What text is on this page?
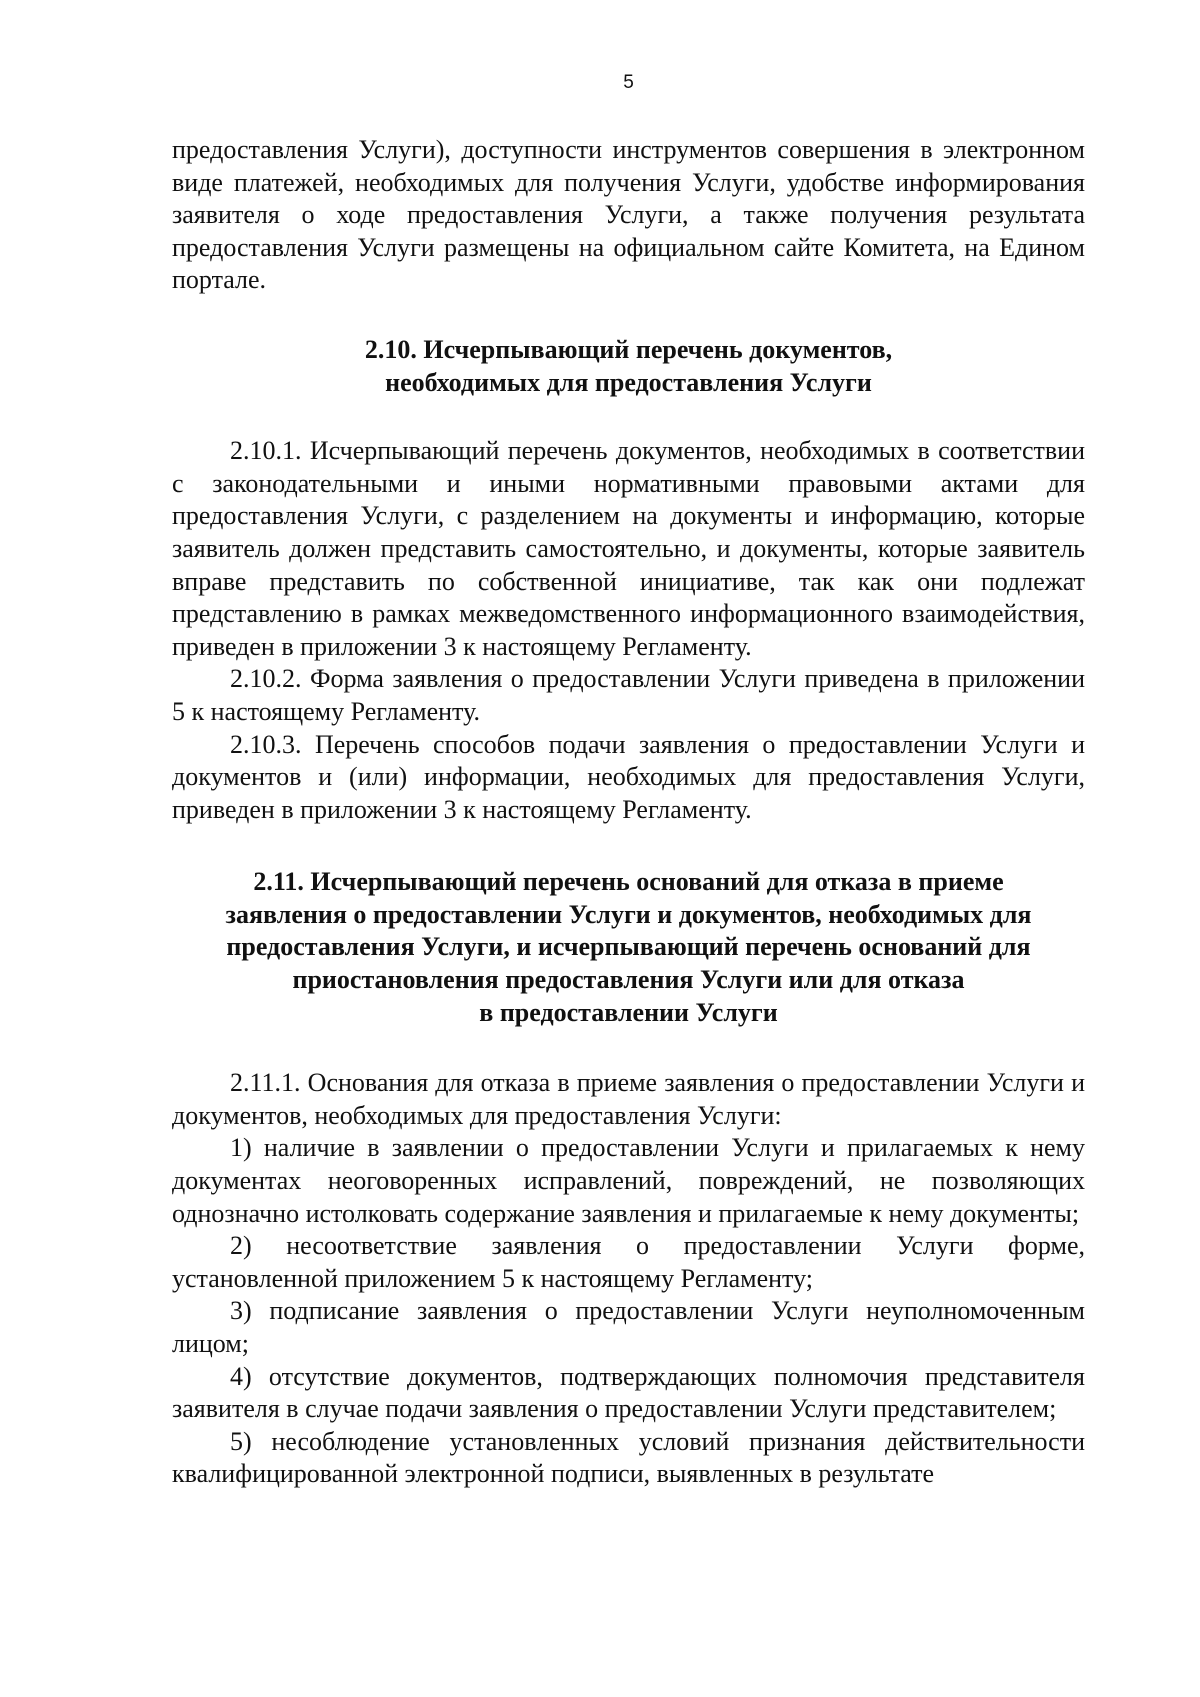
5

предоставления Услуги), доступности инструментов совершения в электронном виде платежей, необходимых для получения Услуги, удобстве информирования заявителя о ходе предоставления Услуги, а также получения результата предоставления Услуги размещены на официальном сайте Комитета, на Едином портале.

2.10. Исчерпывающий перечень документов,
необходимых для предоставления Услуги

2.10.1. Исчерпывающий перечень документов, необходимых в соответствии с законодательными и иными нормативными правовыми актами для предоставления Услуги, с разделением на документы и информацию, которые заявитель должен представить самостоятельно, и документы, которые заявитель вправе представить по собственной инициативе, так как они подлежат представлению в рамках межведомственного информационного взаимодействия, приведен в приложении 3 к настоящему Регламенту.

2.10.2. Форма заявления о предоставлении Услуги приведена в приложении 5 к настоящему Регламенту.

2.10.3. Перечень способов подачи заявления о предоставлении Услуги и документов и (или) информации, необходимых для предоставления Услуги, приведен в приложении 3 к настоящему Регламенту.

2.11. Исчерпывающий перечень оснований для отказа в приеме
заявления о предоставлении Услуги и документов, необходимых для
предоставления Услуги, и исчерпывающий перечень оснований для
приостановления предоставления Услуги или для отказа
в предоставлении Услуги

2.11.1. Основания для отказа в приеме заявления о предоставлении Услуги и документов, необходимых для предоставления Услуги:

1) наличие в заявлении о предоставлении Услуги и прилагаемых к нему документах неоговоренных исправлений, повреждений, не позволяющих однозначно истолковать содержание заявления и прилагаемые к нему документы;

2) несоответствие заявления о предоставлении Услуги форме, установленной приложением 5 к настоящему Регламенту;

3) подписание заявления о предоставлении Услуги неуполномоченным лицом;

4) отсутствие документов, подтверждающих полномочия представителя заявителя в случае подачи заявления о предоставлении Услуги представителем;

5) несоблюдение установленных условий признания действительности квалифицированной электронной подписи, выявленных в результате
